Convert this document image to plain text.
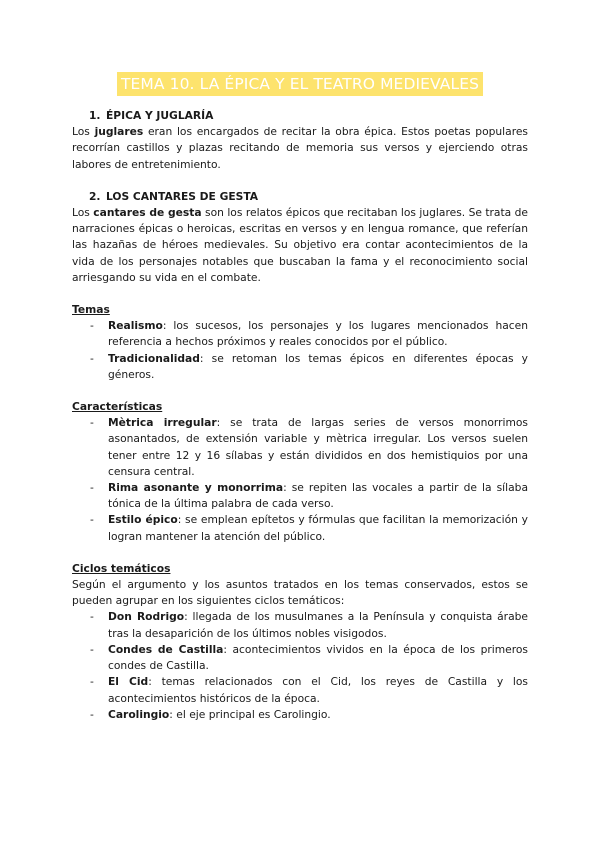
TEMA 10. LA ÉPICA Y EL TEATRO MEDIEVALES
1. ÉPICA Y JUGLARÍA

Los juglares eran los encargados de recitar la obra épica. Estos poetas populares recorrían castillos y plazas recitando de memoria sus versos y ejerciendo otras labores de entretenimiento.

2. LOS CANTARES DE GESTA

Los cantares de gesta son los relatos épicos que recitaban los juglares. Se trata de narraciones épicas o heroicas, escritas en versos y en lengua romance, que referían las hazañas de héroes medievales. Su objetivo era contar acontecimientos de la vida de los personajes notables que buscaban la fama y el reconocimiento social arriesgando su vida en el combate.

Temas

- Realismo: los sucesos, los personajes y los lugares mencionados hacen referencia a hechos próximos y reales conocidos por el público.
- Tradicionalidad: se retoman los temas épicos en diferentes épocas y géneros.

Características

- Mètrica irregular: se trata de largas series de versos monorrimos asonantados, de extensión variable y mètrica irregular. Los versos suelen tener entre 12 y 16 sílabas y están divididos en dos hemistiquios por una censura central.
- Rima asonante y monorrima: se repiten las vocales a partir de la sílaba tónica de la última palabra de cada verso.
- Estilo épico: se emplean epítetos y fórmulas que facilitan la memorización y logran mantener la atención del público.

Ciclos temáticos

Según el argumento y los asuntos tratados en los temas conservados, estos se pueden agrupar en los siguientes ciclos temáticos:

- Don Rodrigo: llegada de los musulmanes a la Península y conquista árabe tras la desaparición de los últimos nobles visigodos.
- Condes de Castilla: acontecimientos vividos en la época de los primeros condes de Castilla.
- El Cid: temas relacionados con el Cid, los reyes de Castilla y los acontecimientos históricos de la época.
- Carolingio: el eje principal es Carolingio.
